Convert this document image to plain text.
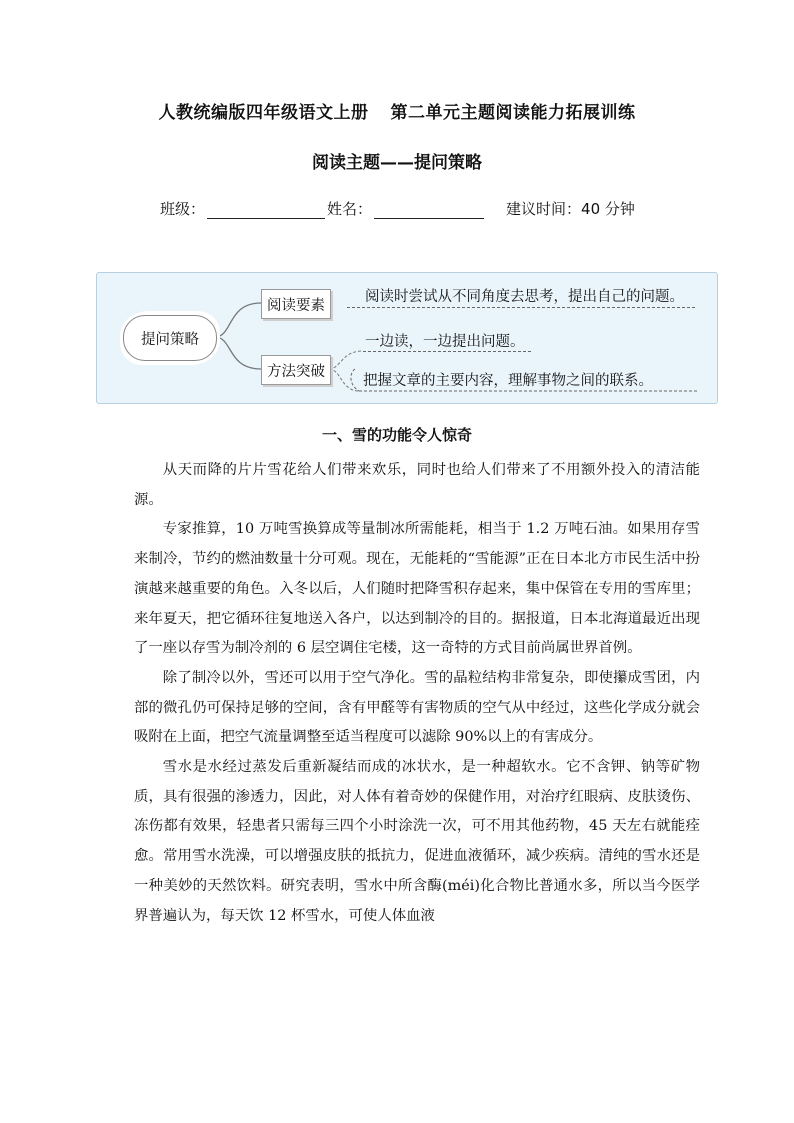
人教统编版四年级语文上册 第二单元主题阅读能力拓展训练
阅读主题——提问策略
班级：	姓名：	建议时间：40 分钟
提问策略
阅读要素
方法突破
阅读时尝试从不同角度去思考，提出自己的问题。
一边读，一边提出问题。
把握文章的主要内容，理解事物之间的联系。
一、雪的功能令人惊奇

从天而降的片片雪花给人们带来欢乐，同时也给人们带来了不用额外投入的清洁能源。

专家推算，10 万吨雪换算成等量制冰所需能耗，相当于 1.2 万吨石油。如果用存雪来制冷，节约的燃油数量十分可观。现在，无能耗的“雪能源”正在日本北方市民生活中扮演越来越重要的角色。入冬以后，人们随时把降雪积存起来，集中保管在专用的雪库里；来年夏天，把它循环往复地送入各户，以达到制冷的目的。据报道，日本北海道最近出现了一座以存雪为制冷剂的 6 层空调住宅楼，这一奇特的方式目前尚属世界首例。

除了制冷以外，雪还可以用于空气净化。雪的晶粒结构非常复杂，即使攥成雪团，内部的微孔仍可保持足够的空间，含有甲醛等有害物质的空气从中经过，这些化学成分就会吸附在上面，把空气流量调整至适当程度可以滤除 90%以上的有害成分。

雪水是水经过蒸发后重新凝结而成的冰状水，是一种超软水。它不含钾、钠等矿物质，具有很强的渗透力，因此，对人体有着奇妙的保健作用，对治疗红眼病、皮肤烫伤、冻伤都有效果，轻患者只需每三四个小时涂洗一次，可不用其他药物，45 天左右就能痊愈。常用雪水洗澡，可以增强皮肤的抵抗力，促进血液循环，减少疾病。清纯的雪水还是一种美妙的天然饮料。研究表明，雪水中所含酶(méi)化合物比普通水多，所以当今医学界普遍认为，每天饮 12 杯雪水，可使人体血液
